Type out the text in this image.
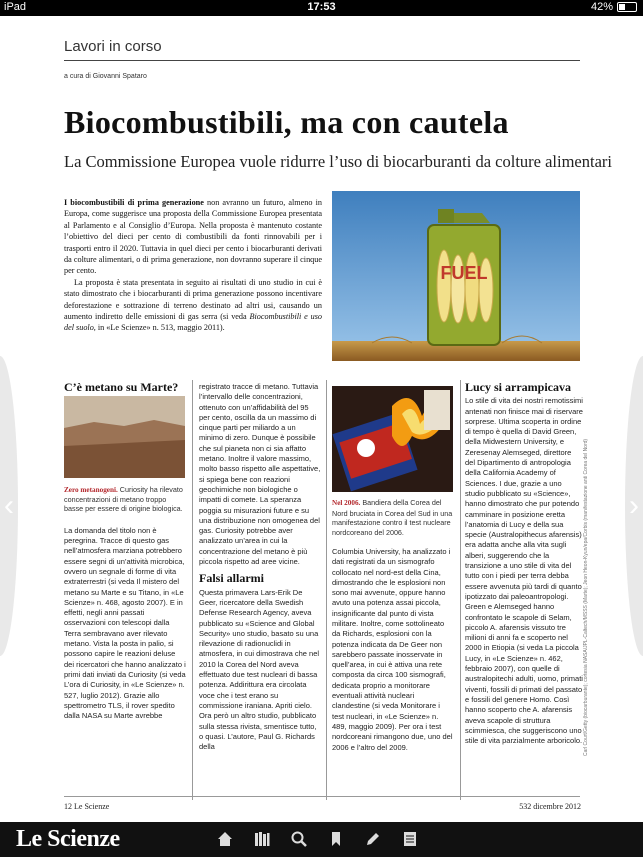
iPad	17:53	42%
Lavori in corso
a cura di Giovanni Spataro
Biocombustibili, ma con cautela
La Commissione Europea vuole ridurre l’uso di biocarburanti da colture alimentari

I biocombustibili di prima generazione non avranno un futuro, almeno in Europa, come suggerisce una proposta della Commissione Europea presentata al Parlamento e al Consiglio d’Europa. Nella proposta è mantenuto costante l’obiettivo del dieci per cento di combustibili da fonti rinnovabili per i trasporti entro il 2020. Tuttavia in quel dieci per cento i biocarburanti derivati da colture alimentari, o di prima generazione, non dovranno superare il cinque per cento.

La proposta è stata presentata in seguito ai risultati di uno studio in cui è stato dimostrato che i biocarburanti di prima generazione possono incentivare deforestazione e sottrazione di terreno destinato ad altri usi, causando un aumento indiretto delle emissioni di gas serra (si veda Biocombustibili e uso del suolo, in «Le Scienze» n. 513, maggio 2011).

FUEL
C’è metano su Marte?
Zero metanogeni. Curiosity ha rilevato concentrazioni di metano troppo basse per essere di origine biologica.

La domanda del titolo non è peregrina. Tracce di questo gas nell’atmosfera marziana potrebbero essere segni di un’attività microbica, ovvero un segnale di forme di vita extraterrestri (si veda Il mistero del metano su Marte e su Titano, in «Le Scienze» n. 468, agosto 2007). E in effetti, negli anni passati osservazioni con telescopi dalla Terra sembravano aver rilevato metano. Vista la posta in palio, si possono capire le reazioni deluse dei ricercatori che hanno analizzato i primi dati inviati da Curiosity (si veda L’ora di Curiosity, in «Le Scienze» n. 527, luglio 2012). Grazie allo spettrometro TLS, il rover spedito dalla NASA su Marte avrebbe

registrato tracce di metano. Tuttavia l’intervallo delle concentrazioni, ottenuto con un’affidabilità del 95 per cento, oscilla da un massimo di cinque parti per miliardo a un minimo di zero. Dunque è possibile che sul pianeta non ci sia affatto metano. Inoltre il valore massimo, molto basso rispetto alle aspettative, si spiega bene con reazioni geochimiche non biologiche o impatti di comete. La speranza poggia su misurazioni future e su una distribuzione non omogenea del gas. Curiosity potrebbe aver analizzato un’area in cui la concentrazione del metano è più piccola rispetto ad aree vicine.

Falsi allarmi

Questa primavera Lars-Erik De Geer, ricercatore della Swedish Defense Research Agency, aveva pubblicato su «Science and Global Security» uno studio, basato su una rilevazione di radionuclidi in atmosfera, in cui dimostrava che nel 2010 la Corea del Nord aveva effettuato due test nucleari di bassa potenza. Addirittura era circolata voce che i test erano su commissione iraniana. Apriti cielo. Ora però un altro studio, pubblicato sulla stessa rivista, smentisce tutto, o quasi. L’autore, Paul G. Richards della

Nel 2006. Bandiera della Corea del Nord bruciata in Corea del Sud in una manifestazione contro il test nucleare nordcoreano del 2006.

Columbia University, ha analizzato i dati registrati da un sismografo collocato nel nord-est della Cina, dimostrando che le esplosioni non sono mai avvenute, oppure hanno avuto una potenza assai piccola, insignificante dal punto di vista militare. Inoltre, come sottolineato da Richards, esplosioni con la potenza indicata da De Geer non sarebbero passate inosservate in quell’area, in cui è attiva una rete composta da circa 100 sismografi, dedicata proprio a monitorare eventuali attività nucleari clandestine (si veda Monitorare i test nucleari, in «Le Scienze» n. 489, maggio 2009). Per ora i test nordcoreani rimangono due, uno del 2006 e l’altro del 2009.

Lucy si arrampicava

Lo stile di vita dei nostri remotissimi antenati non finisce mai di riservare sorprese. Ultima scoperta in ordine di tempo è quella di David Green, della Midwestern University, e Zeresenay Alemseged, direttore del Dipartimento di antropologia della California Academy of Sciences. I due, grazie a uno studio pubblicato su «Science», hanno dimostrato che pur potendo camminare in posizione eretta l’anatomia di Lucy e della sua specie (Australopithecus afarensis) era adatta anche alla vita sugli alberi, suggerendo che la transizione a uno stile di vita del tutto con i piedi per terra debba essere avvenuta più tardi di quanto ipotizzato dai paleoantropologi. Green e Alemseged hanno confrontato le scapole di Selam, piccolo A. afarensis vissuto tre milioni di anni fa e scoperto nel 2000 in Etiopia (si veda La piccola Lucy, in «Le Scienze» n. 462, febbraio 2007), con quelle di australopitechi adulti, uomo, primati viventi, fossili di primati del passato e fossili del genere Homo. Così hanno scoperto che A. afarensis aveva scapole di struttura scimmiesca, che suggeriscono uno stile di vita parzialmente arboricolo. Carl Court/Getty (biocarburante); cortesia NASA/JPL-Caltech/MSSS (Marte); Jeon Heon-Kyun/epa/Corbis (manifestazione anti Corea del Nord)
12 Le Scienze	532 dicembre 2012
‹	›
Le Scienze
